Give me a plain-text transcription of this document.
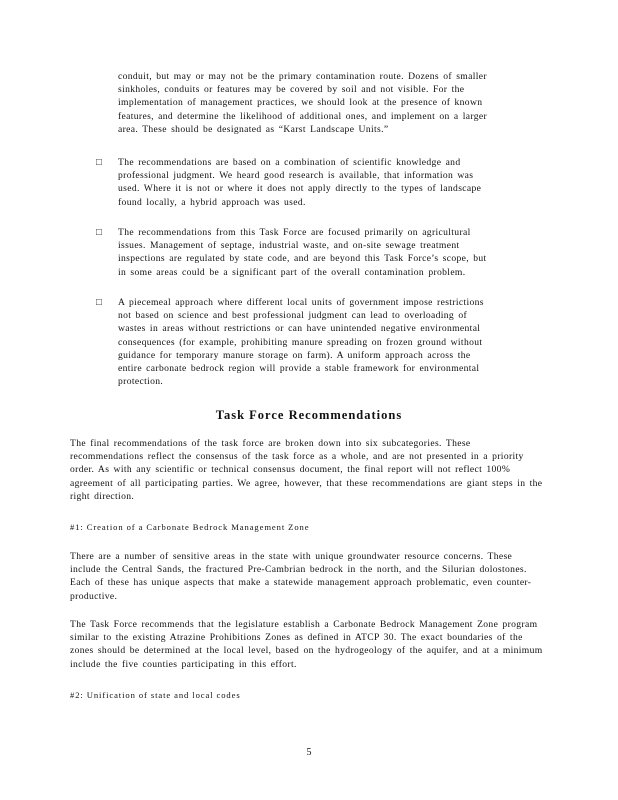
conduit, but may or may not be the primary contamination route. Dozens of smaller sinkholes, conduits or features may be covered by soil and not visible. For the implementation of management practices, we should look at the presence of known features, and determine the likelihood of additional ones, and implement on a larger area. These should be designated as “Karst Landscape Units.”

□ The recommendations are based on a combination of scientific knowledge and professional judgment. We heard good research is available, that information was used. Where it is not or where it does not apply directly to the types of landscape found locally, a hybrid approach was used.

□ The recommendations from this Task Force are focused primarily on agricultural issues. Management of septage, industrial waste, and on-site sewage treatment inspections are regulated by state code, and are beyond this Task Force’s scope, but in some areas could be a significant part of the overall contamination problem.

□ A piecemeal approach where different local units of government impose restrictions not based on science and best professional judgment can lead to overloading of wastes in areas without restrictions or can have unintended negative environmental consequences (for example, prohibiting manure spreading on frozen ground without guidance for temporary manure storage on farm). A uniform approach across the entire carbonate bedrock region will provide a stable framework for environmental protection.

Task Force Recommendations

The final recommendations of the task force are broken down into six subcategories. These recommendations reflect the consensus of the task force as a whole, and are not presented in a priority order. As with any scientific or technical consensus document, the final report will not reflect 100% agreement of all participating parties. We agree, however, that these recommendations are giant steps in the right direction.

#1: Creation of a Carbonate Bedrock Management Zone

There are a number of sensitive areas in the state with unique groundwater resource concerns. These include the Central Sands, the fractured Pre-Cambrian bedrock in the north, and the Silurian dolostones. Each of these has unique aspects that make a statewide management approach problematic, even counter-productive.

The Task Force recommends that the legislature establish a Carbonate Bedrock Management Zone program similar to the existing Atrazine Prohibitions Zones as defined in ATCP 30. The exact boundaries of the zones should be determined at the local level, based on the hydrogeology of the aquifer, and at a minimum include the five counties participating in this effort.

#2: Unification of state and local codes

5
